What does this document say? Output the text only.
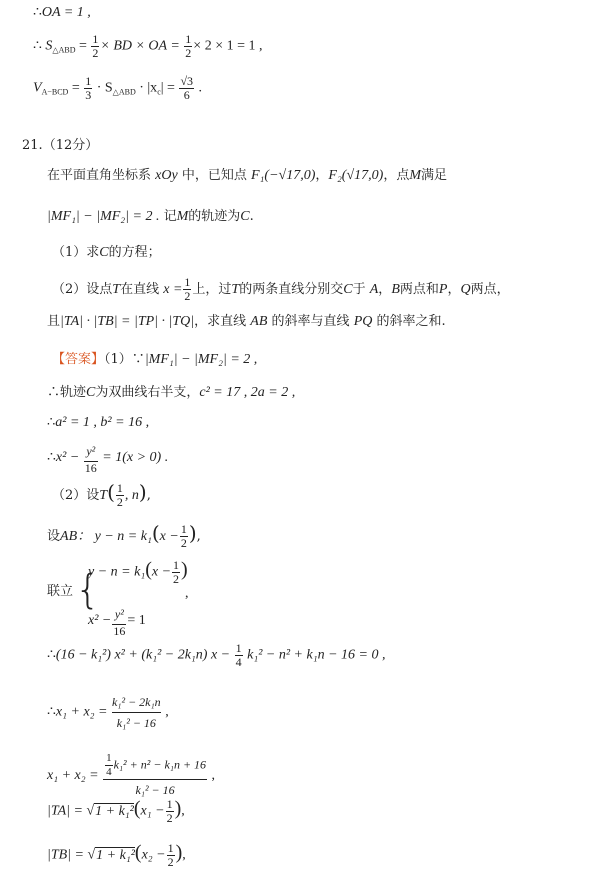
∴OA = 1 ,
∴ $S_{\triangle ABD} = \frac{1}{2}$ × BD × OA = $\frac{1}{2} \times 2 \times 1 = 1$ ,
$V_{A-BCD} = \frac{1}{3} \cdot S_{\triangle ABD} \cdot |x_c| = \frac{√3}{6}$ .
21.（12分）
在平面直角坐标系 xOy 中，已知点 F₁(−√17,0)，F₂(√17,0)，点M满足
|MF₁| − |MF₂| = 2 . 记M的轨迹为C.
（1）求C的方程；
（2）设点T在直线 $x = \frac{1}{2}$ 上，过T的两条直线分别交C于 A，B两点和P，Q两点，
且|TA| · |TB| = |TP| · |TQ|，求直线 AB 的斜率与直线 PQ 的斜率之和.
【答案】（1）∵|MF₁| − |MF₂| = 2 ,
∴轨迹C为双曲线右半支，c² = 17 , 2a = 2 ,
∴a² = 1 , b² = 16 ,
∴x² − $\frac{\text{y²}}{16} = 1(x > 0)$ .
（2）设$T( \frac{1}{2}$ , n),
设AB： $y - n = k_1(x - \frac{1}{2}$ ),
联立 {
$y - n = k_1(x - \frac{1}{2}$ )
$x^2 -\frac{\text{y²}}{16} = 1$
,
∴(16 − k₁²) x² + (k₁² − 2k₁n) $x - \frac{1}{4} k_1^2 - n^2 + k_1n - 16 = 0$ ,
∴x₁ + $x_2 = \frac{\text{k₁² − 2k₁n}}{\text{k₁² − 16}}$ ,
$x_1 + x_2 = \frac{\frac{1}{4} k_1^2 + n^2 - k_1n + 16}{\text{k₁² − 16}}$ ,
$|TA| = √1 + k_1^2(x_1 - \frac{1}{2}$ ),
$|TB| = √1 + k_1^2(x_2 - \frac{1}{2}$ ),
